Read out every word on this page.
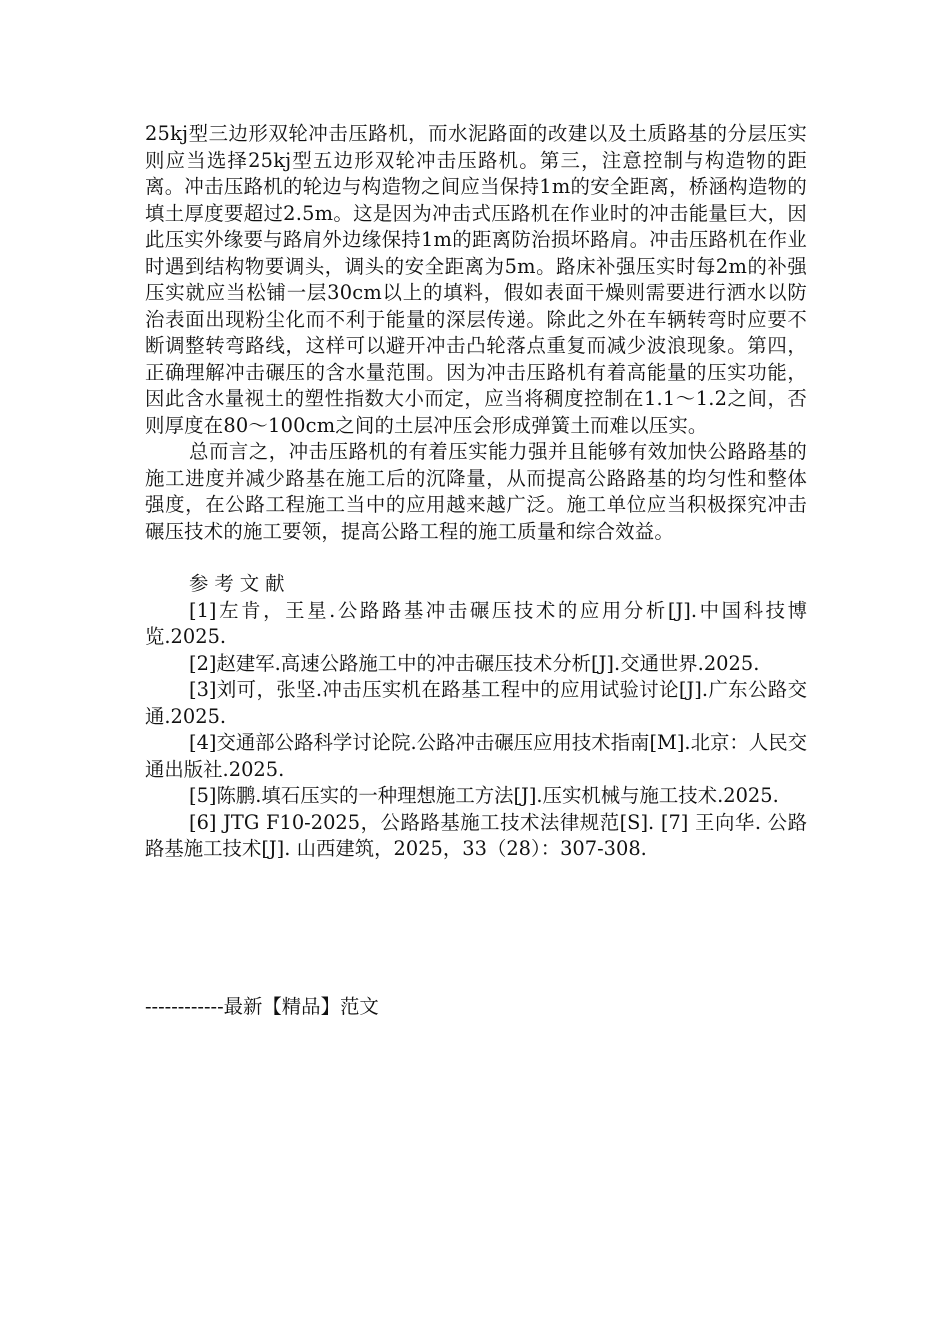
25kj型三边形双轮冲击压路机，而水泥路面的改建以及土质路基的分层压实则应当选择25kj型五边形双轮冲击压路机。第三，注意控制与构造物的距离。冲击压路机的轮边与构造物之间应当保持1m的安全距离，桥涵构造物的填土厚度要超过2.5m。这是因为冲击式压路机在作业时的冲击能量巨大，因此压实外缘要与路肩外边缘保持1m的距离防治损坏路肩。冲击压路机在作业时遇到结构物要调头，调头的安全距离为5m。路床补强压实时每2m的补强压实就应当松铺一层30cm以上的填料，假如表面干燥则需要进行洒水以防治表面出现粉尘化而不利于能量的深层传递。除此之外在车辆转弯时应要不断调整转弯路线，这样可以避开冲击凸轮落点重复而减少波浪现象。第四，正确理解冲击碾压的含水量范围。因为冲击压路机有着高能量的压实功能，因此含水量视土的塑性指数大小而定，应当将稠度控制在1.1～1.2之间，否则厚度在80～100cm之间的土层冲压会形成弹簧土而难以压实。

总而言之，冲击压路机的有着压实能力强并且能够有效加快公路路基的施工进度并减少路基在施工后的沉降量，从而提高公路路基的均匀性和整体强度，在公路工程施工当中的应用越来越广泛。施工单位应当积极探究冲击碾压技术的施工要领，提高公路工程的施工质量和综合效益。

参考文献

[1]左肯，王星.公路路基冲击碾压技术的应用分析[J].中国科技博览.2025.

[2]赵建军.高速公路施工中的冲击碾压技术分析[J].交通世界.2025.

[3]刘可，张坚.冲击压实机在路基工程中的应用试验讨论[J].广东公路交通.2025.

[4]交通部公路科学讨论院.公路冲击碾压应用技术指南[M].北京：人民交通出版社.2025.

[5]陈鹏.填石压实的一种理想施工方法[J].压实机械与施工技术.2025.

[6] JTG F10-2025，公路路基施工技术法律规范[S]. [7] 王向华. 公路路基施工技术[J]. 山西建筑，2025，33（28）：307-308.

------------最新【精品】范文
